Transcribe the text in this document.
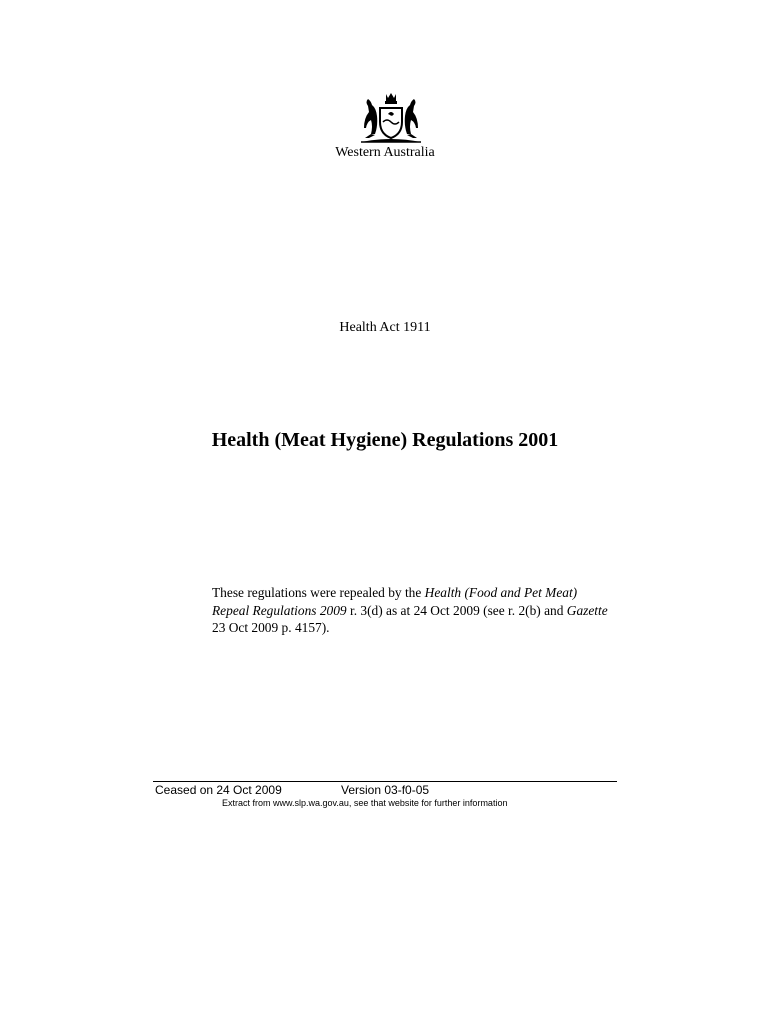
Western Australia
Health Act 1911
Health (Meat Hygiene) Regulations 2001

These regulations were repealed by the Health (Food and Pet Meat) Repeal Regulations 2009 r. 3(d) as at 24 Oct 2009 (see r. 2(b) and Gazette 23 Oct 2009 p. 4157).

Ceased on 24 Oct 2009	Version 03-f0-05
Extract from www.slp.wa.gov.au, see that website for further information
